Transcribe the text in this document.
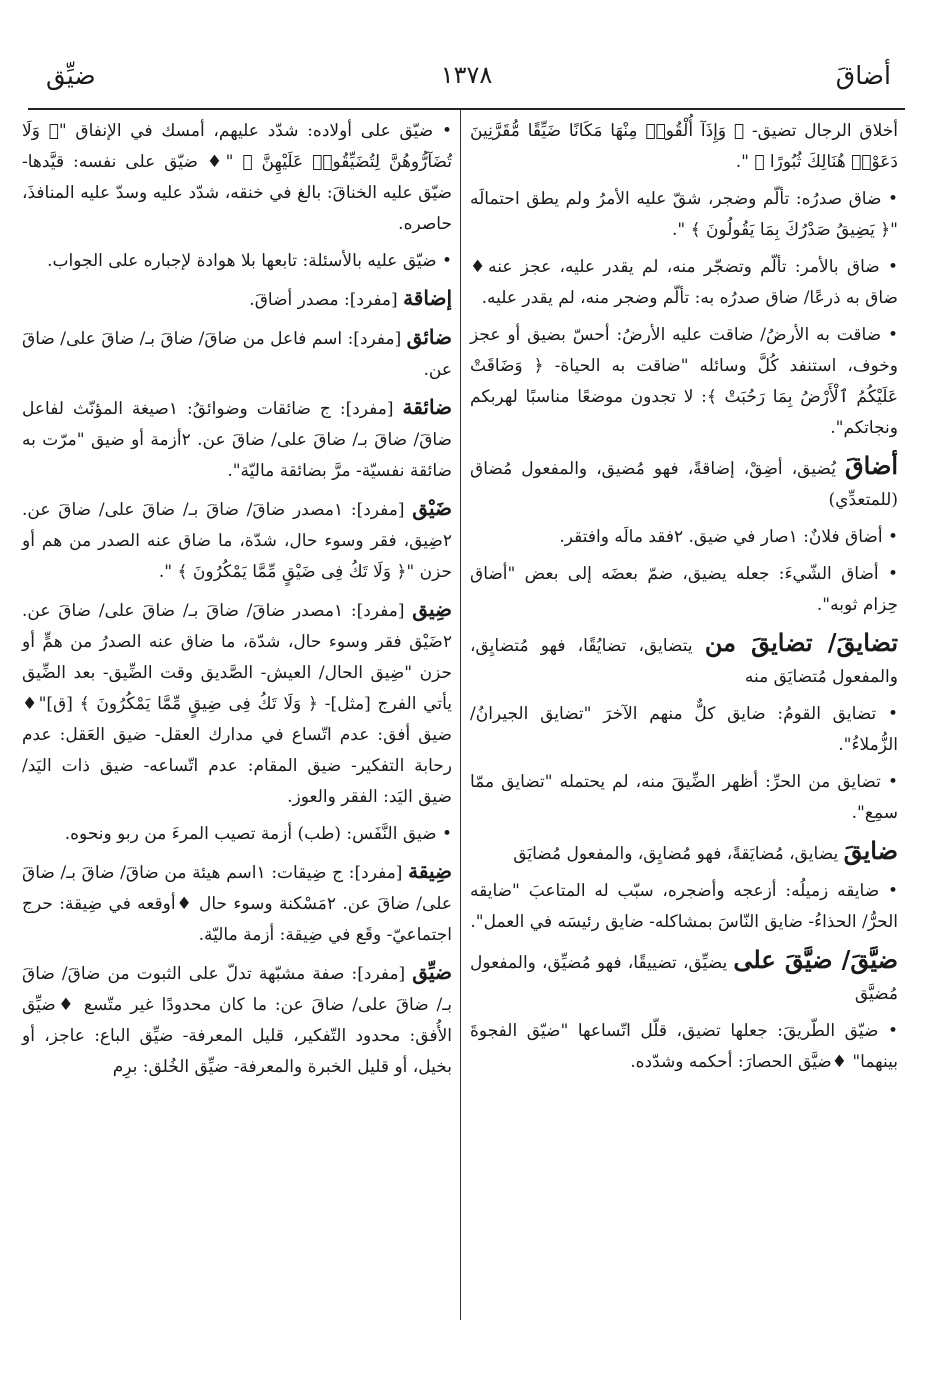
أضاقَ
١٣٧٨
ضيِّق

أخلاق الرجال تضيق- ﴿ وَإِذَآ أُلْقُوا۟ مِنْهَا مَكَانًا ضَيِّقًا مُّقَرَّنِينَ دَعَوْا۟ هُنَالِكَ ثُبُورًا ﴾ ".

• ضاق صدرُه: تألّم وضجر، شقّ عليه الأمرُ ولم يطق احتمالَه "﴿ يَضِيقُ صَدْرُكَ بِمَا يَقُولُونَ ﴾ ".

• ضاق بالأمر: تألّم وتضجّر منه، لم يقدر عليه، عجز عنه♦ ضاق به ذرعًا/ ضاق صدرُه به: تألّم وضجر منه، لم يقدر عليه.

• ضاقت به الأرضُ/ ضاقت عليه الأرضُ: أحسّ بضيق أو عجز وخوف، استنفد كُلَّ وسائله "ضاقت به الحياة- ﴿ وَضَاقَتْ عَلَيْكُمُ ٱلْأَرْضُ بِمَا رَحُبَتْ ﴾: لا تجدون موضعًا مناسبًا لهربكم ونجاتكم".

أضاقَ يُضيق، أضِقْ، إضاقةً، فهو مُضيق، والمفعول مُضاق (للمتعدِّي)

• أضاق فلانٌ: ١صار في ضيق. ٢فقد مالَه وافتقر.

• أضاق الشّيءَ: جعله يضيق، ضمّ بعضَه إلى بعض "أضاق حِزام ثوبه".

تضايقَ/ تضايقَ من يتضايق، تضايُقًا، فهو مُتضايِق، والمفعول مُتضايَق منه

• تضايق القومُ: ضايق كلٌّ منهم الآخرَ "تضايق الجيرانُ/ الزُّملاءُ".

• تضايق من الحرِّ: أظهر الضِّيقَ منه، لم يحتمله "تضايق ممّا سمِع".

ضايقَ يضايق، مُضايَقةً، فهو مُضايِق، والمفعول مُضايَق

• ضايقه زميلُه: أزعجه وأضجره، سبّب له المتاعبَ "ضايقه الحرُّ/ الحذاءُ- ضايق النّاسَ بمشاكله- ضايق رئيسَه في العمل".

ضيَّقَ/ ضيَّقَ على يضيِّق، تضييقًا، فهو مُضيِّق، والمفعول مُضيَّق

• ضيّق الطّريقَ: جعلها تضيق، قلّل اتّساعها "ضيّق الفجوةَ بينهما" ♦ضيَّق الحصارَ: أحكمه وشدّده.

• ضيّق على أولاده: شدّد عليهم، أمسك في الإنفاق "﴿ وَلَا تُضَآرُّوهُنَّ لِتُضَيِّقُوا۟ عَلَيْهِنَّ ﴾ "♦ ضيّق على نفسه: قيَّدها- ضيّق عليه الخناقَ: بالغ في خنقه، شدّد عليه وسدّ عليه المنافذَ، حاصره.

• ضيّق عليه بالأسئلة: تابعها بلا هوادة لإجباره على الجواب.

إضاقة [مفرد]: مصدر أضاقَ.

ضائق [مفرد]: اسم فاعل من ضاقَ/ ضاقَ بـ/ ضاقَ على/ ضاقَ عن.

ضائقة [مفرد]: ج ضائقات وضوائقُ: ١صيغة المؤنّث لفاعل ضاقَ/ ضاقَ بـ/ ضاقَ على/ ضاقَ عن. ٢أزمة أو ضيق "مرّت به ضائقة نفسيّة- مرَّ بضائقة ماليّة".

ضَيْق [مفرد]: ١مصدر ضاقَ/ ضاقَ بـ/ ضاقَ على/ ضاقَ عن. ٢ضِيق، فقر وسوء حال، شدّة، ما ضاق عنه الصدر من هم أو حزن "﴿ وَلَا تَكُ فِى ضَيْقٍ مِّمَّا يَمْكُرُونَ ﴾ ".

ضِيق [مفرد]: ١مصدر ضاقَ/ ضاقَ بـ/ ضاقَ على/ ضاقَ عن. ٢ضَيْق فقر وسوء حال، شدّة، ما ضاق عنه الصدرُ من همٍّ أو حزن "ضِيق الحال/ العيش- الصَّديق وقت الضِّيق- بعد الضِّيق يأتي الفرج [مثل]- ﴿ وَلَا تَكُ فِى ضِيقٍ مِّمَّا يَمْكُرُونَ ﴾ [ق]"♦ ضيق أفق: عدم اتّساع في مدارك العقل- ضيق العَقل: عدم رحابة التفكير- ضيق المقام: عدم اتّساعه- ضيق ذات اليَد/ ضيق اليَد: الفقر والعوز.

• ضيق النَّفَس: (طب) أزمة تصيب المرءَ من ربو ونحوه.

ضِيقة [مفرد]: ج ضِيقات: ١اسم هيئة من ضاقَ/ ضاقَ بـ/ ضاقَ على/ ضاقَ عن. ٢مَسْكنة وسوء حال ♦أوقعه في ضِيقة: حرج اجتماعيّ- وقَع في ضِيقة: أزمة ماليّة.

ضيِّق [مفرد]: صفة مشبّهة تدلّ على الثبوت من ضاقَ/ ضاقَ بـ/ ضاقَ على/ ضاقَ عن: ما كان محدودًا غير متّسع ♦ضيِّق الأُفق: محدود التّفكير، قليل المعرفة- ضيِّق الباع: عاجز، أو بخيل، أو قليل الخبرة والمعرفة- ضيِّق الخُلق: برِم
